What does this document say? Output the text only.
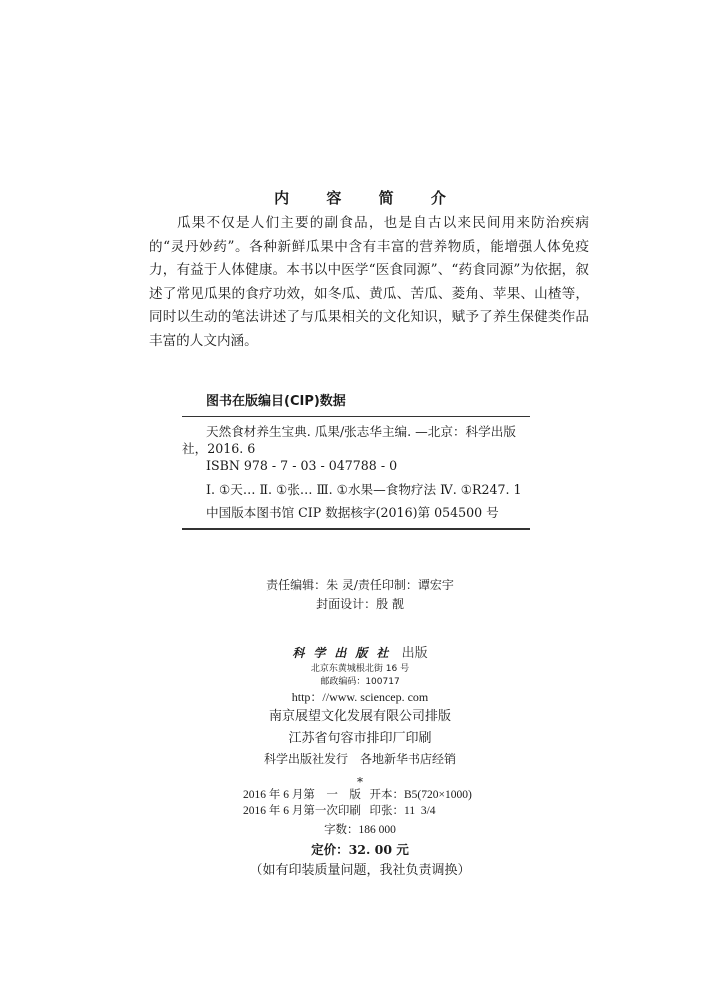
内 容 简 介

瓜果不仅是人们主要的副食品，也是自古以来民间用来防治疾病的“灵丹妙药”。各种新鲜瓜果中含有丰富的营养物质，能增强人体免疫力，有益于人体健康。本书以中医学“医食同源”、“药食同源”为依据，叙述了常见瓜果的食疗功效，如冬瓜、黄瓜、苦瓜、菱角、苹果、山楂等，同时以生动的笔法讲述了与瓜果相关的文化知识，赋予了养生保健类作品丰富的人文内涵。

图书在版编目(CIP)数据

天然食材养生宝典. 瓜果/张志华主编. —北京：科学出版社，2016. 6

ISBN 978 - 7 - 03 - 047788 - 0

Ⅰ. ①天… Ⅱ. ①张… Ⅲ. ①水果—食物疗法 Ⅳ. ①R247. 1

中国版本图书馆 CIP 数据核字(2016)第 054500 号
责任编辑：朱 灵/责任印制：谭宏宇
封面设计：殷 靓
科学出版社 出版
北京东黄城根北街 16 号
邮政编码：100717
http：//www. sciencep. com
南京展望文化发展有限公司排版
江苏省句容市排印厂印刷
科学出版社发行　各地新华书店经销
*
2016 年 6 月第　一　版 开本：B5(720×1000)
2016 年 6 月第一次印刷 印张：11  3/4
字数：186 000
定价：32. 00 元
（如有印装质量问题，我社负责调换）
